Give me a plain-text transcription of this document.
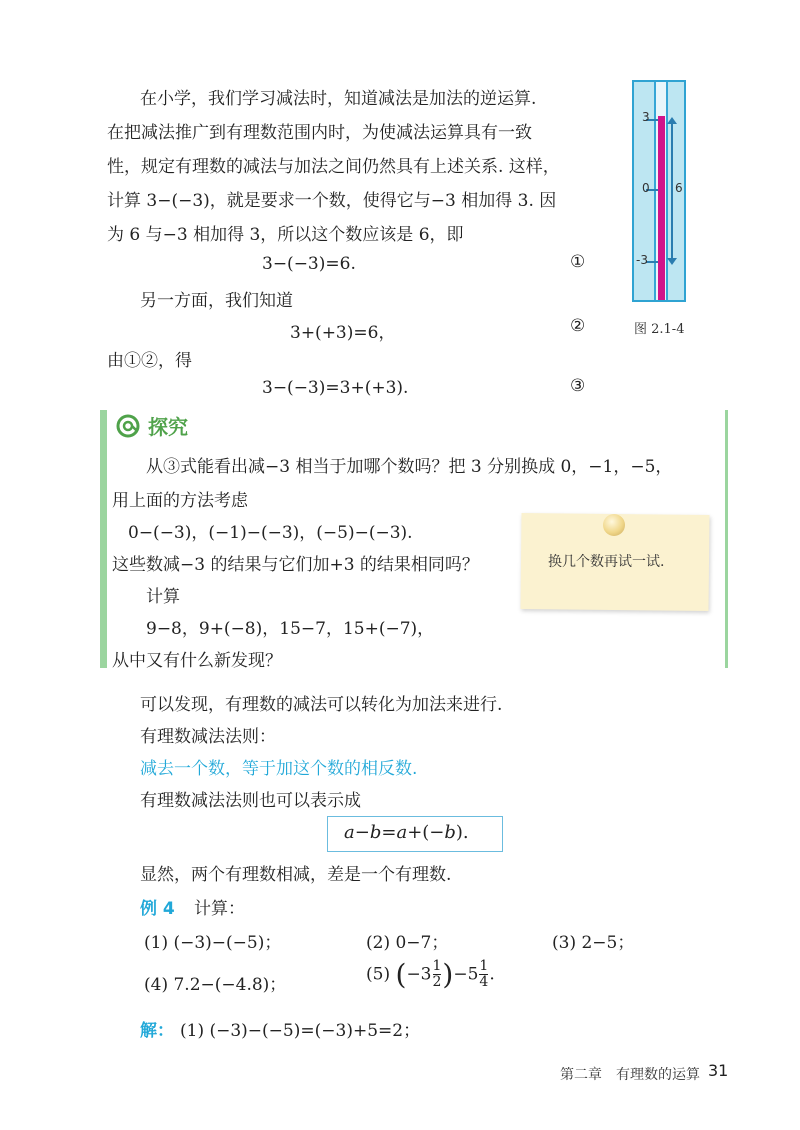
在小学，我们学习减法时，知道减法是加法的逆运算.
在把减法推广到有理数范围内时，为使减法运算具有一致
性，规定有理数的减法与加法之间仍然具有上述关系. 这样，
计算 3−(−3)，就是要求一个数，使得它与−3 相加得 3. 因
为 6 与−3 相加得 3，所以这个数应该是 6，即
3−(−3)=6.	①
另一方面，我们知道
3+(+3)=6，	②
由①②，得
3−(−3)=3+(+3).	③
3
0
-3
6
图 2.1-4
探究
从③式能看出减−3 相当于加哪个数吗？把 3 分别换成 0，−1，−5，
用上面的方法考虑
0−(−3)，(−1)−(−3)，(−5)−(−3).
这些数减−3 的结果与它们加+3 的结果相同吗？
计算
9−8，9+(−8)，15−7，15+(−7)，
从中又有什么新发现？
换几个数再试一试.
可以发现，有理数的减法可以转化为加法来进行.
有理数减法法则：
减去一个数，等于加这个数的相反数.
有理数减法法则也可以表示成
a−b=a+(−b).
显然，两个有理数相减，差是一个有理数.
例 4 计算：
(1) (−3)−(−5)；	(2) 0−7；	(3) 2−5；
(4) 7.2−(−4.8)；
(5) $(-3 \frac{1}{2} )-5 \frac{1}{4}$ .
解： (1) (−3)−(−5)=(−3)+5=2；
第二章　有理数的运算 31
